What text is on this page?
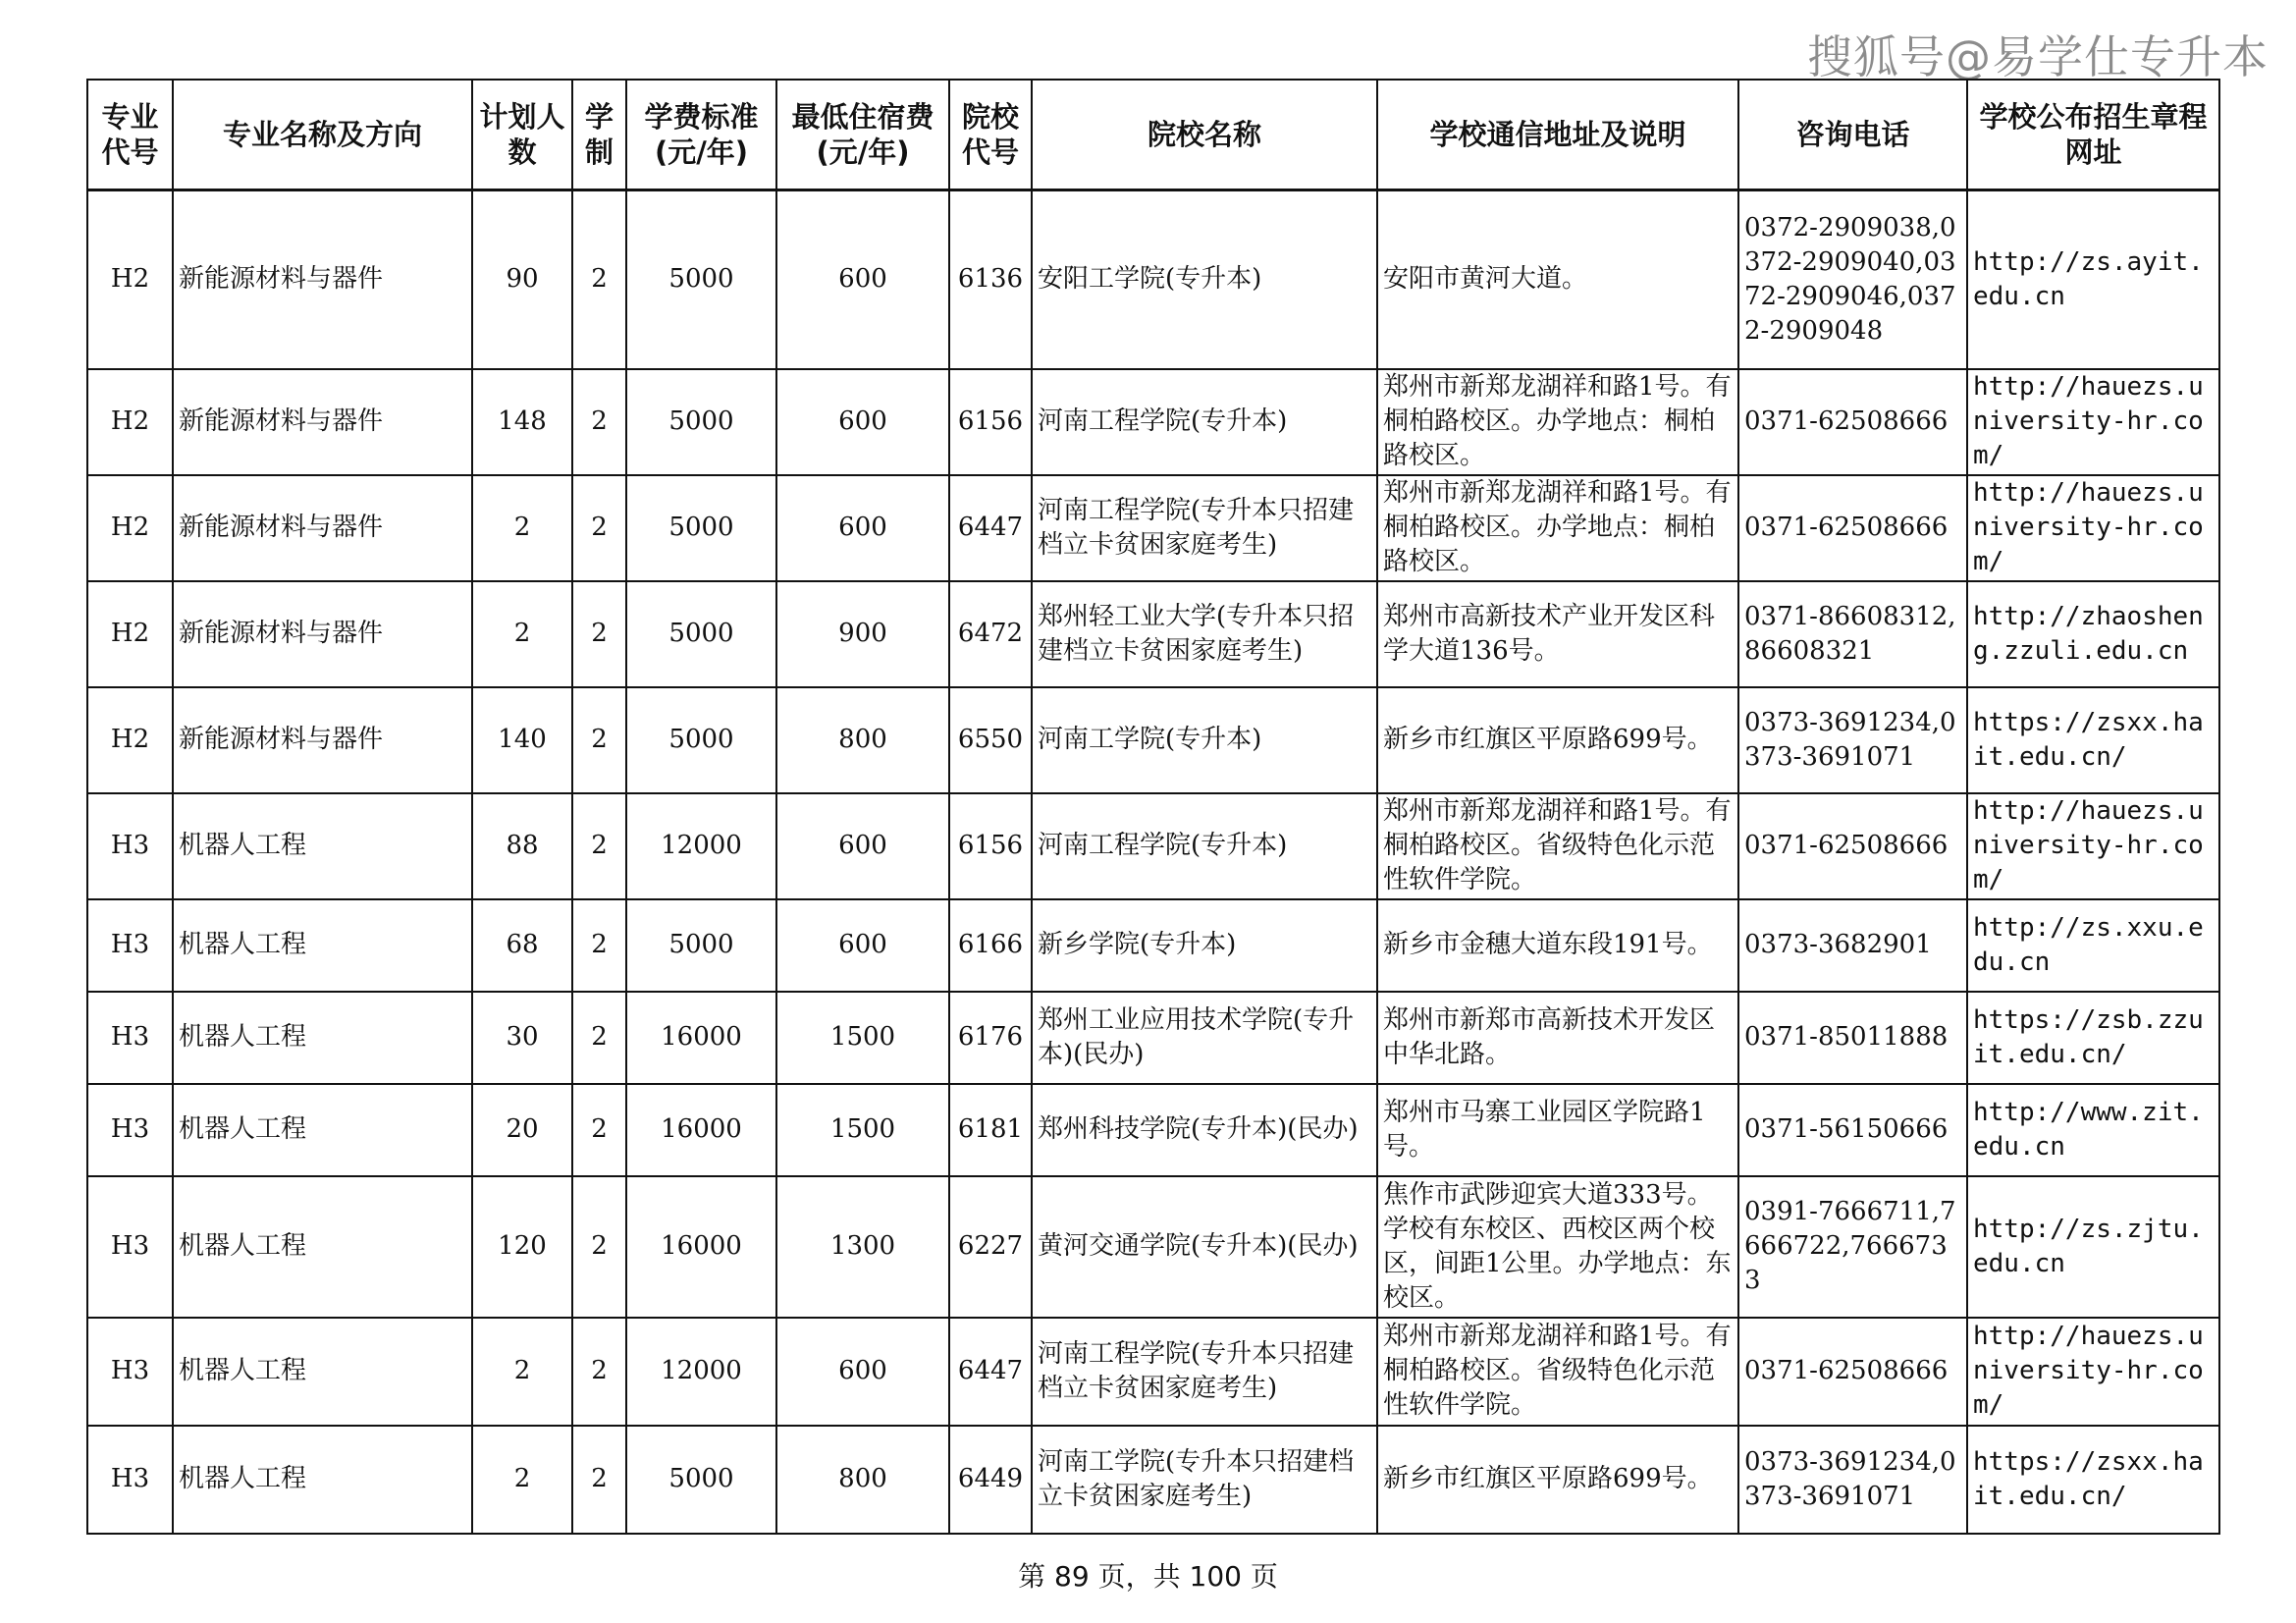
搜狐号@易学仕专升本
专业代号	专业名称及方向	计划人数	学制	学费标准(元/年)	最低住宿费(元/年)	院校代号	院校名称	学校通信地址及说明	咨询电话	学校公布招生章程网址
H2	新能源材料与器件	90	2	5000	600	6136	安阳工学院(专升本)	安阳市黄河大道。	0372-2909038,0372-2909040,0372-2909046,0372-2909048	http://zs.ayit.edu.cn
H2	新能源材料与器件	148	2	5000	600	6156	河南工程学院(专升本)	郑州市新郑龙湖祥和路1号。有桐柏路校区。办学地点：桐柏路校区。	0371-62508666	http://hauezs.university-hr.com/
H2	新能源材料与器件	2	2	5000	600	6447	河南工程学院(专升本只招建档立卡贫困家庭考生)	郑州市新郑龙湖祥和路1号。有桐柏路校区。办学地点：桐柏路校区。	0371-62508666	http://hauezs.university-hr.com/
H2	新能源材料与器件	2	2	5000	900	6472	郑州轻工业大学(专升本只招建档立卡贫困家庭考生)	郑州市高新技术产业开发区科学大道136号。	0371-86608312,86608321	http://zhaosheng.zzuli.edu.cn
H2	新能源材料与器件	140	2	5000	800	6550	河南工学院(专升本)	新乡市红旗区平原路699号。	0373-3691234,0373-3691071	https://zsxx.hait.edu.cn/
H3	机器人工程	88	2	12000	600	6156	河南工程学院(专升本)	郑州市新郑龙湖祥和路1号。有桐柏路校区。省级特色化示范性软件学院。	0371-62508666	http://hauezs.university-hr.com/
H3	机器人工程	68	2	5000	600	6166	新乡学院(专升本)	新乡市金穗大道东段191号。	0373-3682901	http://zs.xxu.edu.cn
H3	机器人工程	30	2	16000	1500	6176	郑州工业应用技术学院(专升本)(民办)	郑州市新郑市高新技术开发区中华北路。	0371-85011888	https://zsb.zzuit.edu.cn/
H3	机器人工程	20	2	16000	1500	6181	郑州科技学院(专升本)(民办)	郑州市马寨工业园区学院路1号。	0371-56150666	http://www.zit.edu.cn
H3	机器人工程	120	2	16000	1300	6227	黄河交通学院(专升本)(民办)	焦作市武陟迎宾大道333号。学校有东校区、西校区两个校区，间距1公里。办学地点：东校区。	0391-7666711,7666722,7666733	http://zs.zjtu.edu.cn
H3	机器人工程	2	2	12000	600	6447	河南工程学院(专升本只招建档立卡贫困家庭考生)	郑州市新郑龙湖祥和路1号。有桐柏路校区。省级特色化示范性软件学院。	0371-62508666	http://hauezs.university-hr.com/
H3	机器人工程	2	2	5000	800	6449	河南工学院(专升本只招建档立卡贫困家庭考生)	新乡市红旗区平原路699号。	0373-3691234,0373-3691071	https://zsxx.hait.edu.cn/
第 89 页，共 100 页
